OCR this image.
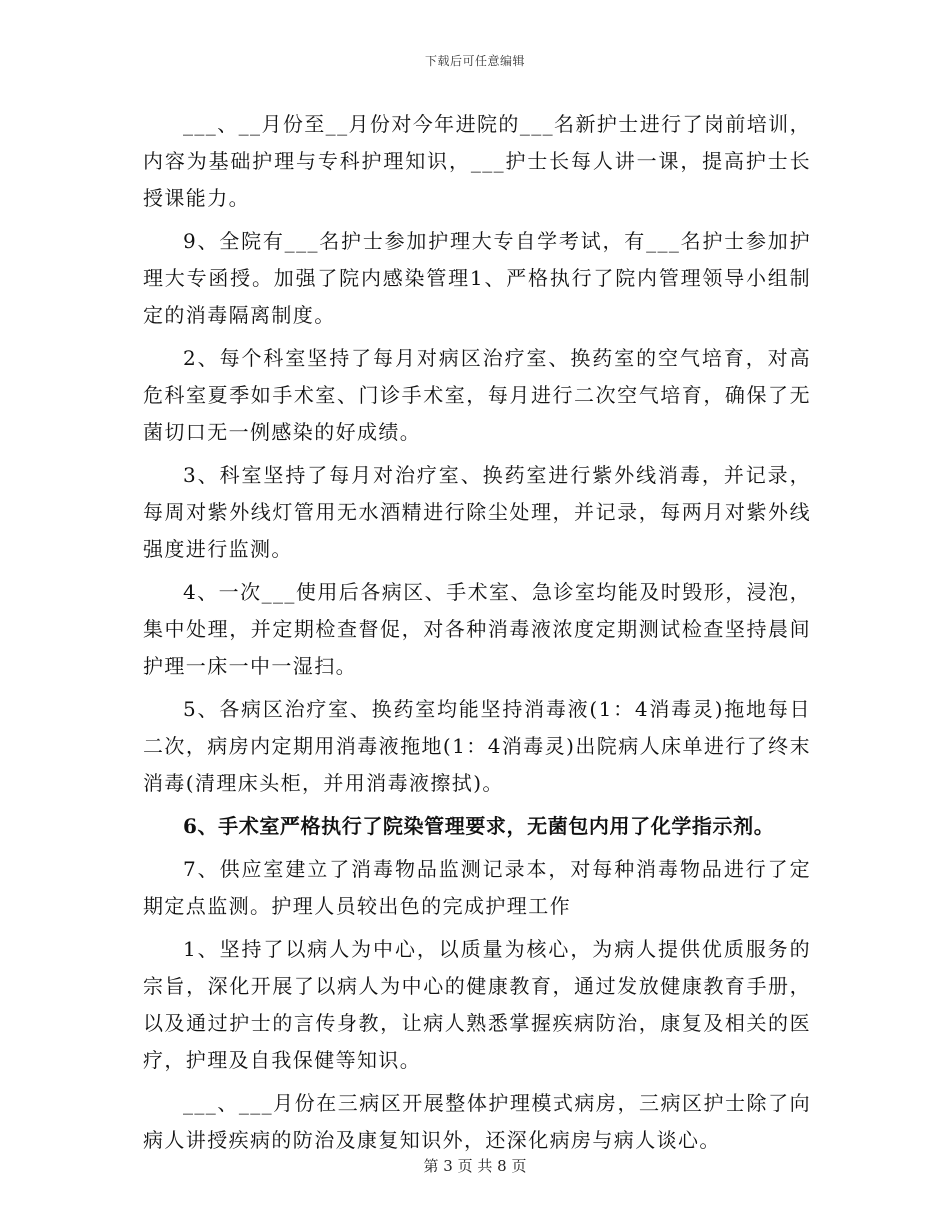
下载后可任意编辑

___、__月份至__月份对今年进院的___名新护士进行了岗前培训，内容为基础护理与专科护理知识，___护士长每人讲一课，提高护士长授课能力。

9、全院有___名护士参加护理大专自学考试，有___名护士参加护理大专函授。加强了院内感染管理1、严格执行了院内管理领导小组制定的消毒隔离制度。

2、每个科室坚持了每月对病区治疗室、换药室的空气培育，对高危科室夏季如手术室、门诊手术室，每月进行二次空气培育，确保了无菌切口无一例感染的好成绩。

3、科室坚持了每月对治疗室、换药室进行紫外线消毒，并记录，每周对紫外线灯管用无水酒精进行除尘处理，并记录，每两月对紫外线强度进行监测。

4、一次___使用后各病区、手术室、急诊室均能及时毁形，浸泡，集中处理，并定期检查督促，对各种消毒液浓度定期测试检查坚持晨间护理一床一中一湿扫。

5、各病区治疗室、换药室均能坚持消毒液(1：4消毒灵)拖地每日二次，病房内定期用消毒液拖地(1：4消毒灵)出院病人床单进行了终末消毒(清理床头柜，并用消毒液擦拭)。

6、手术室严格执行了院染管理要求，无菌包内用了化学指示剂。

7、供应室建立了消毒物品监测记录本，对每种消毒物品进行了定期定点监测。护理人员较出色的完成护理工作

1、坚持了以病人为中心，以质量为核心，为病人提供优质服务的宗旨，深化开展了以病人为中心的健康教育，通过发放健康教育手册，以及通过护士的言传身教，让病人熟悉掌握疾病防治，康复及相关的医疗，护理及自我保健等知识。

___、___月份在三病区开展整体护理模式病房，三病区护士除了向病人讲授疾病的防治及康复知识外，还深化病房与病人谈心。

第 3 页 共 8 页
